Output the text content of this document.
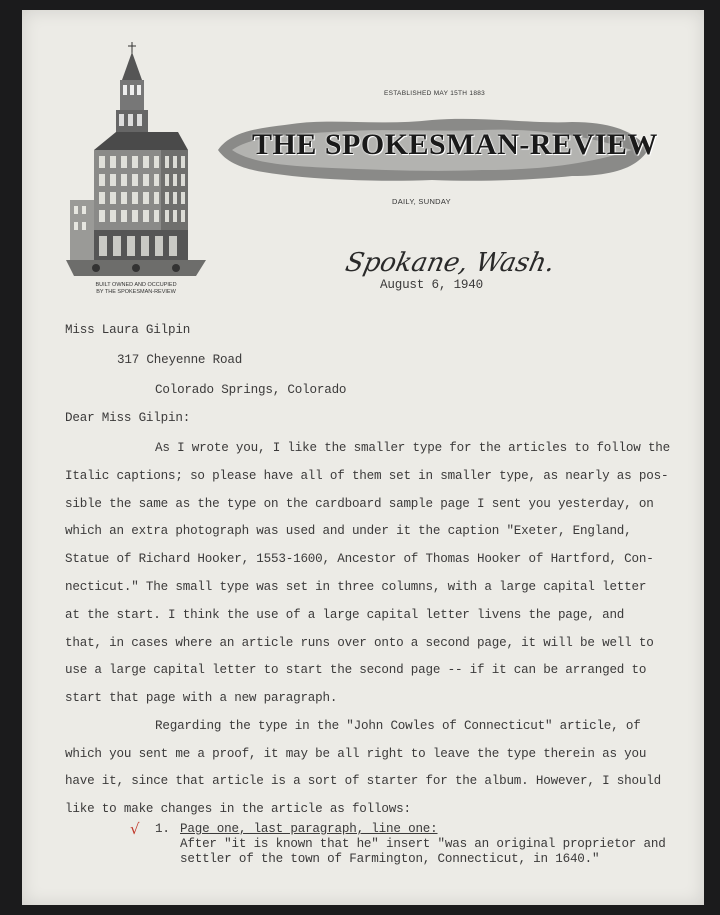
BUILT OWNED AND OCCUPIED
BY THE SPOKESMAN-REVIEW
ESTABLISHED MAY 15TH 1883
THE SPOKESMAN-REVIEW
DAILY, SUNDAY
Spokane, Wash.
August 6, 1940
Miss Laura Gilpin
317 Cheyenne Road
Colorado Springs, Colorado
Dear Miss Gilpin:
As I wrote you, I like the smaller type for the articles to follow the
Italic captions; so please have all of them set in smaller type, as nearly as pos-
sible the same as the type on the cardboard sample page I sent you yesterday, on
which an extra photograph was used and under it the caption "Exeter, England,
Statue of Richard Hooker, 1553-1600, Ancestor of Thomas Hooker of Hartford, Con-
necticut." The small type was set in three columns, with a large capital letter
at the start. I think the use of a large capital letter livens the page, and
that, in cases where an article runs over onto a second page, it will be well to
use a large capital letter to start the second page -- if it can be arranged to
start that page with a new paragraph.
Regarding the type in the "John Cowles of Connecticut" article, of
which you sent me a proof, it may be all right to leave the type therein as you
have it, since that article is a sort of starter for the album. However, I should
like to make changes in the article as follows:
√ 1. Page one, last paragraph, line one:
After "it is known that he" insert "was an original proprietor and
settler of the town of Farmington, Connecticut, in 1640."
